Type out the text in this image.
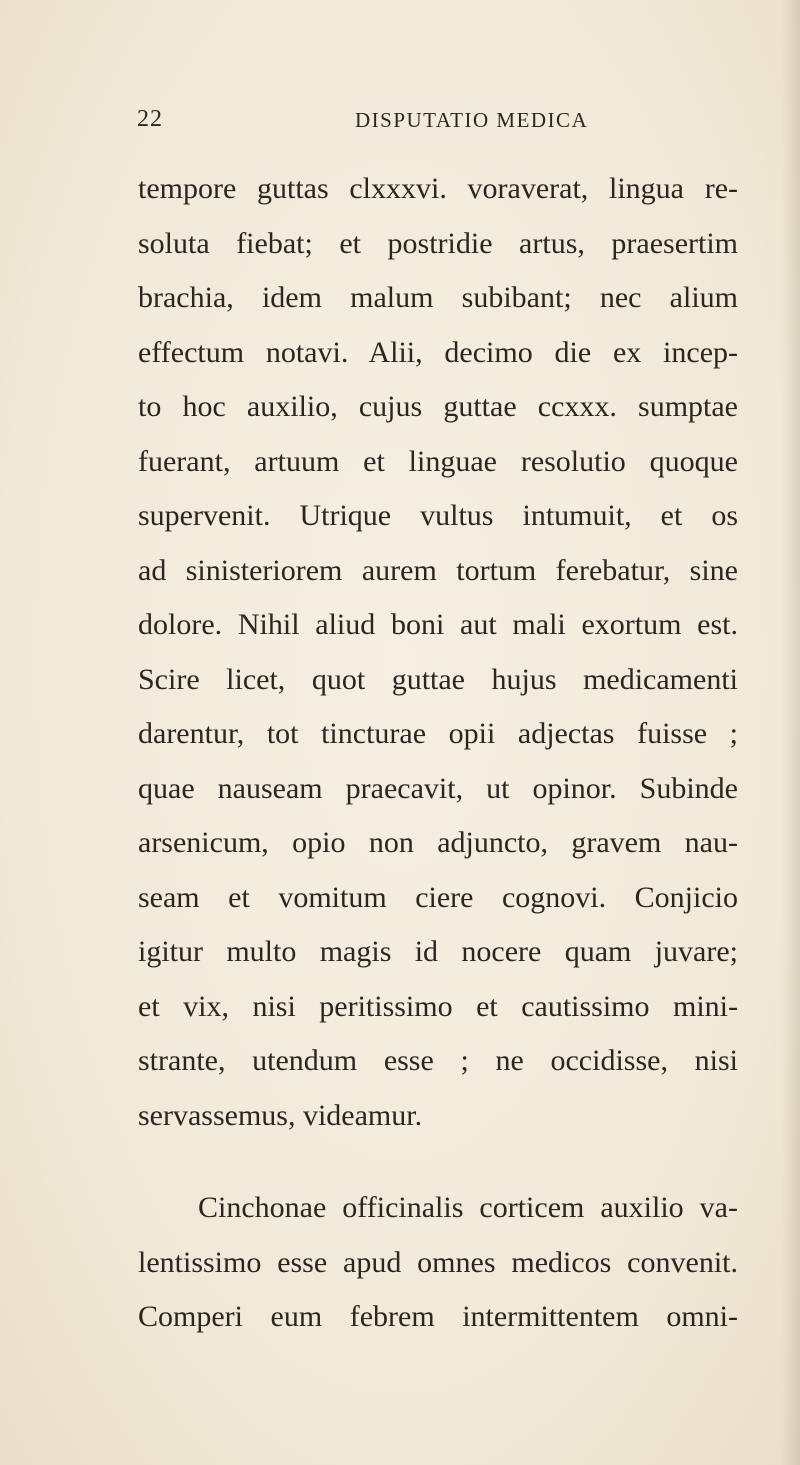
22	DISPUTATIO MEDICA
tempore guttas clxxxvi. voraverat, lingua re-
soluta fiebat; et postridie artus, praesertim
brachia, idem malum subibant; nec alium
effectum notavi. Alii, decimo die ex incep-
to hoc auxilio, cujus guttae ccxxx. sumptae
fuerant, artuum et linguae resolutio quoque
supervenit. Utrique vultus intumuit, et os
ad sinisteriorem aurem tortum ferebatur, sine
dolore. Nihil aliud boni aut mali exortum est.
Scire licet, quot guttae hujus medicamenti
darentur, tot tincturae opii adjectas fuisse ;
quae nauseam praecavit, ut opinor. Subinde
arsenicum, opio non adjuncto, gravem nau-
seam et vomitum ciere cognovi. Conjicio
igitur multo magis id nocere quam juvare;
et vix, nisi peritissimo et cautissimo mini-
strante, utendum esse ; ne occidisse, nisi
servassemus, videamur.
Cinchonae officinalis corticem auxilio va-
lentissimo esse apud omnes medicos convenit.
Comperi eum febrem intermittentem omni-
